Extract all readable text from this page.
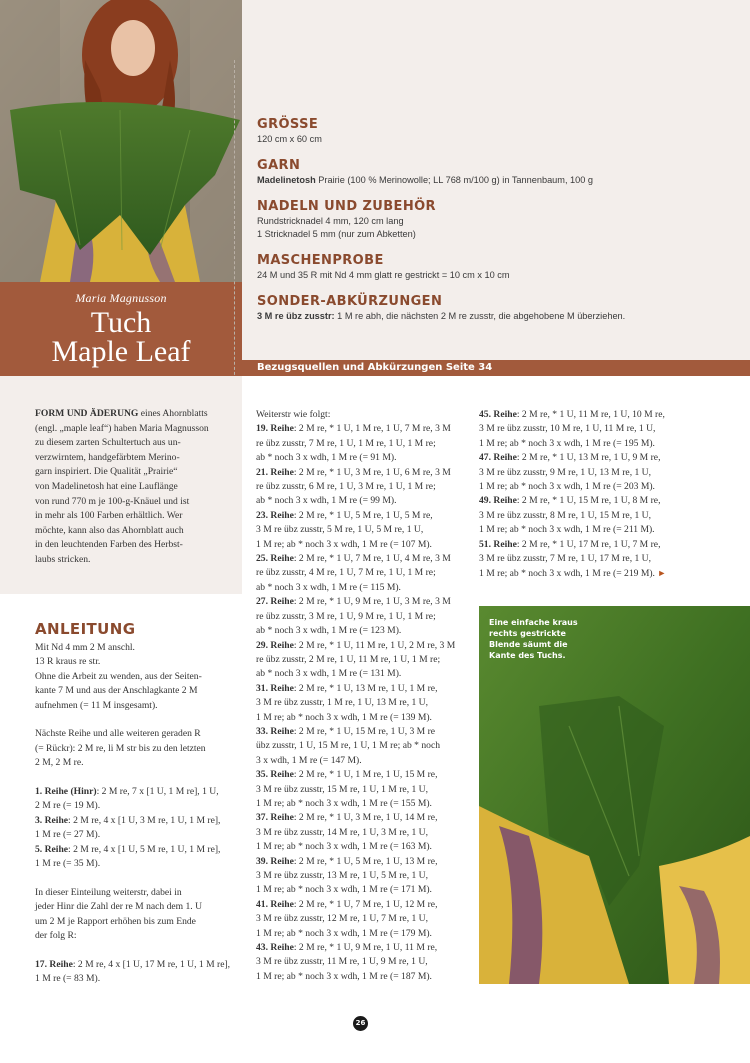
Maria Magnusson
Tuch
Maple Leaf
GRÖSSE
120 cm x 60 cm
GARN
Madelinetosh Prairie (100 % Merinowolle; LL 768 m/100 g) in Tannenbaum, 100 g
NADELN UND ZUBEHÖR
Rundstricknadel 4 mm, 120 cm lang
1 Stricknadel 5 mm (nur zum Abketten)
MASCHENPROBE
24 M und 35 R mit Nd 4 mm glatt re gestrickt = 10 cm x 10 cm
SONDER-ABKÜRZUNGEN
3 M re übz zusstr: 1 M re abh, die nächsten 2 M re zusstr, die abgehobene M überziehen.
Bezugsquellen und Abkürzungen Seite 34
FORM UND ÄDERUNG eines Ahornblatts
(engl. „maple leaf“) haben Maria Magnusson
zu diesem zarten Schultertuch aus un-
verzwirntem, handgefärbtem Merino-
garn inspiriert. Die Qualität „Prairie“
von Madelinetosh hat eine Lauflänge
von rund 770 m je 100-g-Knäuel und ist
in mehr als 100 Farben erhältlich. Wer
möchte, kann also das Ahornblatt auch
in den leuchtenden Farben des Herbst-
laubs stricken.
ANLEITUNG

Mit Nd 4 mm 2 M anschl.

13 R kraus re str.

Ohne die Arbeit zu wenden, aus der Seiten-

kante 7 M und aus der Anschlagkante 2 M

aufnehmen (= 11 M insgesamt).

Nächste Reihe und alle weiteren geraden R

(= Rückr): 2 M re, li M str bis zu den letzten

2 M, 2 M re.

1. Reihe (Hinr): 2 M re, 7 x [1 U, 1 M re], 1 U,

2 M re (= 19 M).

3. Reihe: 2 M re, 4 x [1 U, 3 M re, 1 U, 1 M re],

1 M re (= 27 M).

5. Reihe: 2 M re, 4 x [1 U, 5 M re, 1 U, 1 M re],

1 M re (= 35 M).

In dieser Einteilung weiterstr, dabei in

jeder Hinr die Zahl der re M nach dem 1. U

um 2 M je Rapport erhöhen bis zum Ende

der folg R:

17. Reihe: 2 M re, 4 x [1 U, 17 M re, 1 U, 1 M re],

1 M re (= 83 M).

Weiterstr wie folgt:

19. Reihe: 2 M re, * 1 U, 1 M re, 1 U, 7 M re, 3 M

re übz zusstr, 7 M re, 1 U, 1 M re, 1 U, 1 M re;

ab * noch 3 x wdh, 1 M re (= 91 M).

21. Reihe: 2 M re, * 1 U, 3 M re, 1 U, 6 M re, 3 M

re übz zusstr, 6 M re, 1 U, 3 M re, 1 U, 1 M re;

ab * noch 3 x wdh, 1 M re (= 99 M).

23. Reihe: 2 M re, * 1 U, 5 M re, 1 U, 5 M re,

3 M re übz zusstr, 5 M re, 1 U, 5 M re, 1 U,

1 M re; ab * noch 3 x wdh, 1 M re (= 107 M).

25. Reihe: 2 M re, * 1 U, 7 M re, 1 U, 4 M re, 3 M

re übz zusstr, 4 M re, 1 U, 7 M re, 1 U, 1 M re;

ab * noch 3 x wdh, 1 M re (= 115 M).

27. Reihe: 2 M re, * 1 U, 9 M re, 1 U, 3 M re, 3 M

re übz zusstr, 3 M re, 1 U, 9 M re, 1 U, 1 M re;

ab * noch 3 x wdh, 1 M re (= 123 M).

29. Reihe: 2 M re, * 1 U, 11 M re, 1 U, 2 M re, 3 M

re übz zusstr, 2 M re, 1 U, 11 M re, 1 U, 1 M re;

ab * noch 3 x wdh, 1 M re (= 131 M).

31. Reihe: 2 M re, * 1 U, 13 M re, 1 U, 1 M re,

3 M re übz zusstr, 1 M re, 1 U, 13 M re, 1 U,

1 M re; ab * noch 3 x wdh, 1 M re (= 139 M).

33. Reihe: 2 M re, * 1 U, 15 M re, 1 U, 3 M re

übz zusstr, 1 U, 15 M re, 1 U, 1 M re; ab * noch

3 x wdh, 1 M re (= 147 M).

35. Reihe: 2 M re, * 1 U, 1 M re, 1 U, 15 M re,

3 M re übz zusstr, 15 M re, 1 U, 1 M re, 1 U,

1 M re; ab * noch 3 x wdh, 1 M re (= 155 M).

37. Reihe: 2 M re, * 1 U, 3 M re, 1 U, 14 M re,

3 M re übz zusstr, 14 M re, 1 U, 3 M re, 1 U,

1 M re; ab * noch 3 x wdh, 1 M re (= 163 M).

39. Reihe: 2 M re, * 1 U, 5 M re, 1 U, 13 M re,

3 M re übz zusstr, 13 M re, 1 U, 5 M re, 1 U,

1 M re; ab * noch 3 x wdh, 1 M re (= 171 M).

41. Reihe: 2 M re, * 1 U, 7 M re, 1 U, 12 M re,

3 M re übz zusstr, 12 M re, 1 U, 7 M re, 1 U,

1 M re; ab * noch 3 x wdh, 1 M re (= 179 M).

43. Reihe: 2 M re, * 1 U, 9 M re, 1 U, 11 M re,

3 M re übz zusstr, 11 M re, 1 U, 9 M re, 1 U,

1 M re; ab * noch 3 x wdh, 1 M re (= 187 M).

45. Reihe: 2 M re, * 1 U, 11 M re, 1 U, 10 M re,

3 M re übz zusstr, 10 M re, 1 U, 11 M re, 1 U,

1 M re; ab * noch 3 x wdh, 1 M re (= 195 M).

47. Reihe: 2 M re, * 1 U, 13 M re, 1 U, 9 M re,

3 M re übz zusstr, 9 M re, 1 U, 13 M re, 1 U,

1 M re; ab * noch 3 x wdh, 1 M re (= 203 M).

49. Reihe: 2 M re, * 1 U, 15 M re, 1 U, 8 M re,

3 M re übz zusstr, 8 M re, 1 U, 15 M re, 1 U,

1 M re; ab * noch 3 x wdh, 1 M re (= 211 M).

51. Reihe: 2 M re, * 1 U, 17 M re, 1 U, 7 M re,

3 M re übz zusstr, 7 M re, 1 U, 17 M re, 1 U,

1 M re; ab * noch 3 x wdh, 1 M re (= 219 M). ►

Eine einfache kraus
rechts gestrickte
Blende säumt die
Kante des Tuchs.
26
